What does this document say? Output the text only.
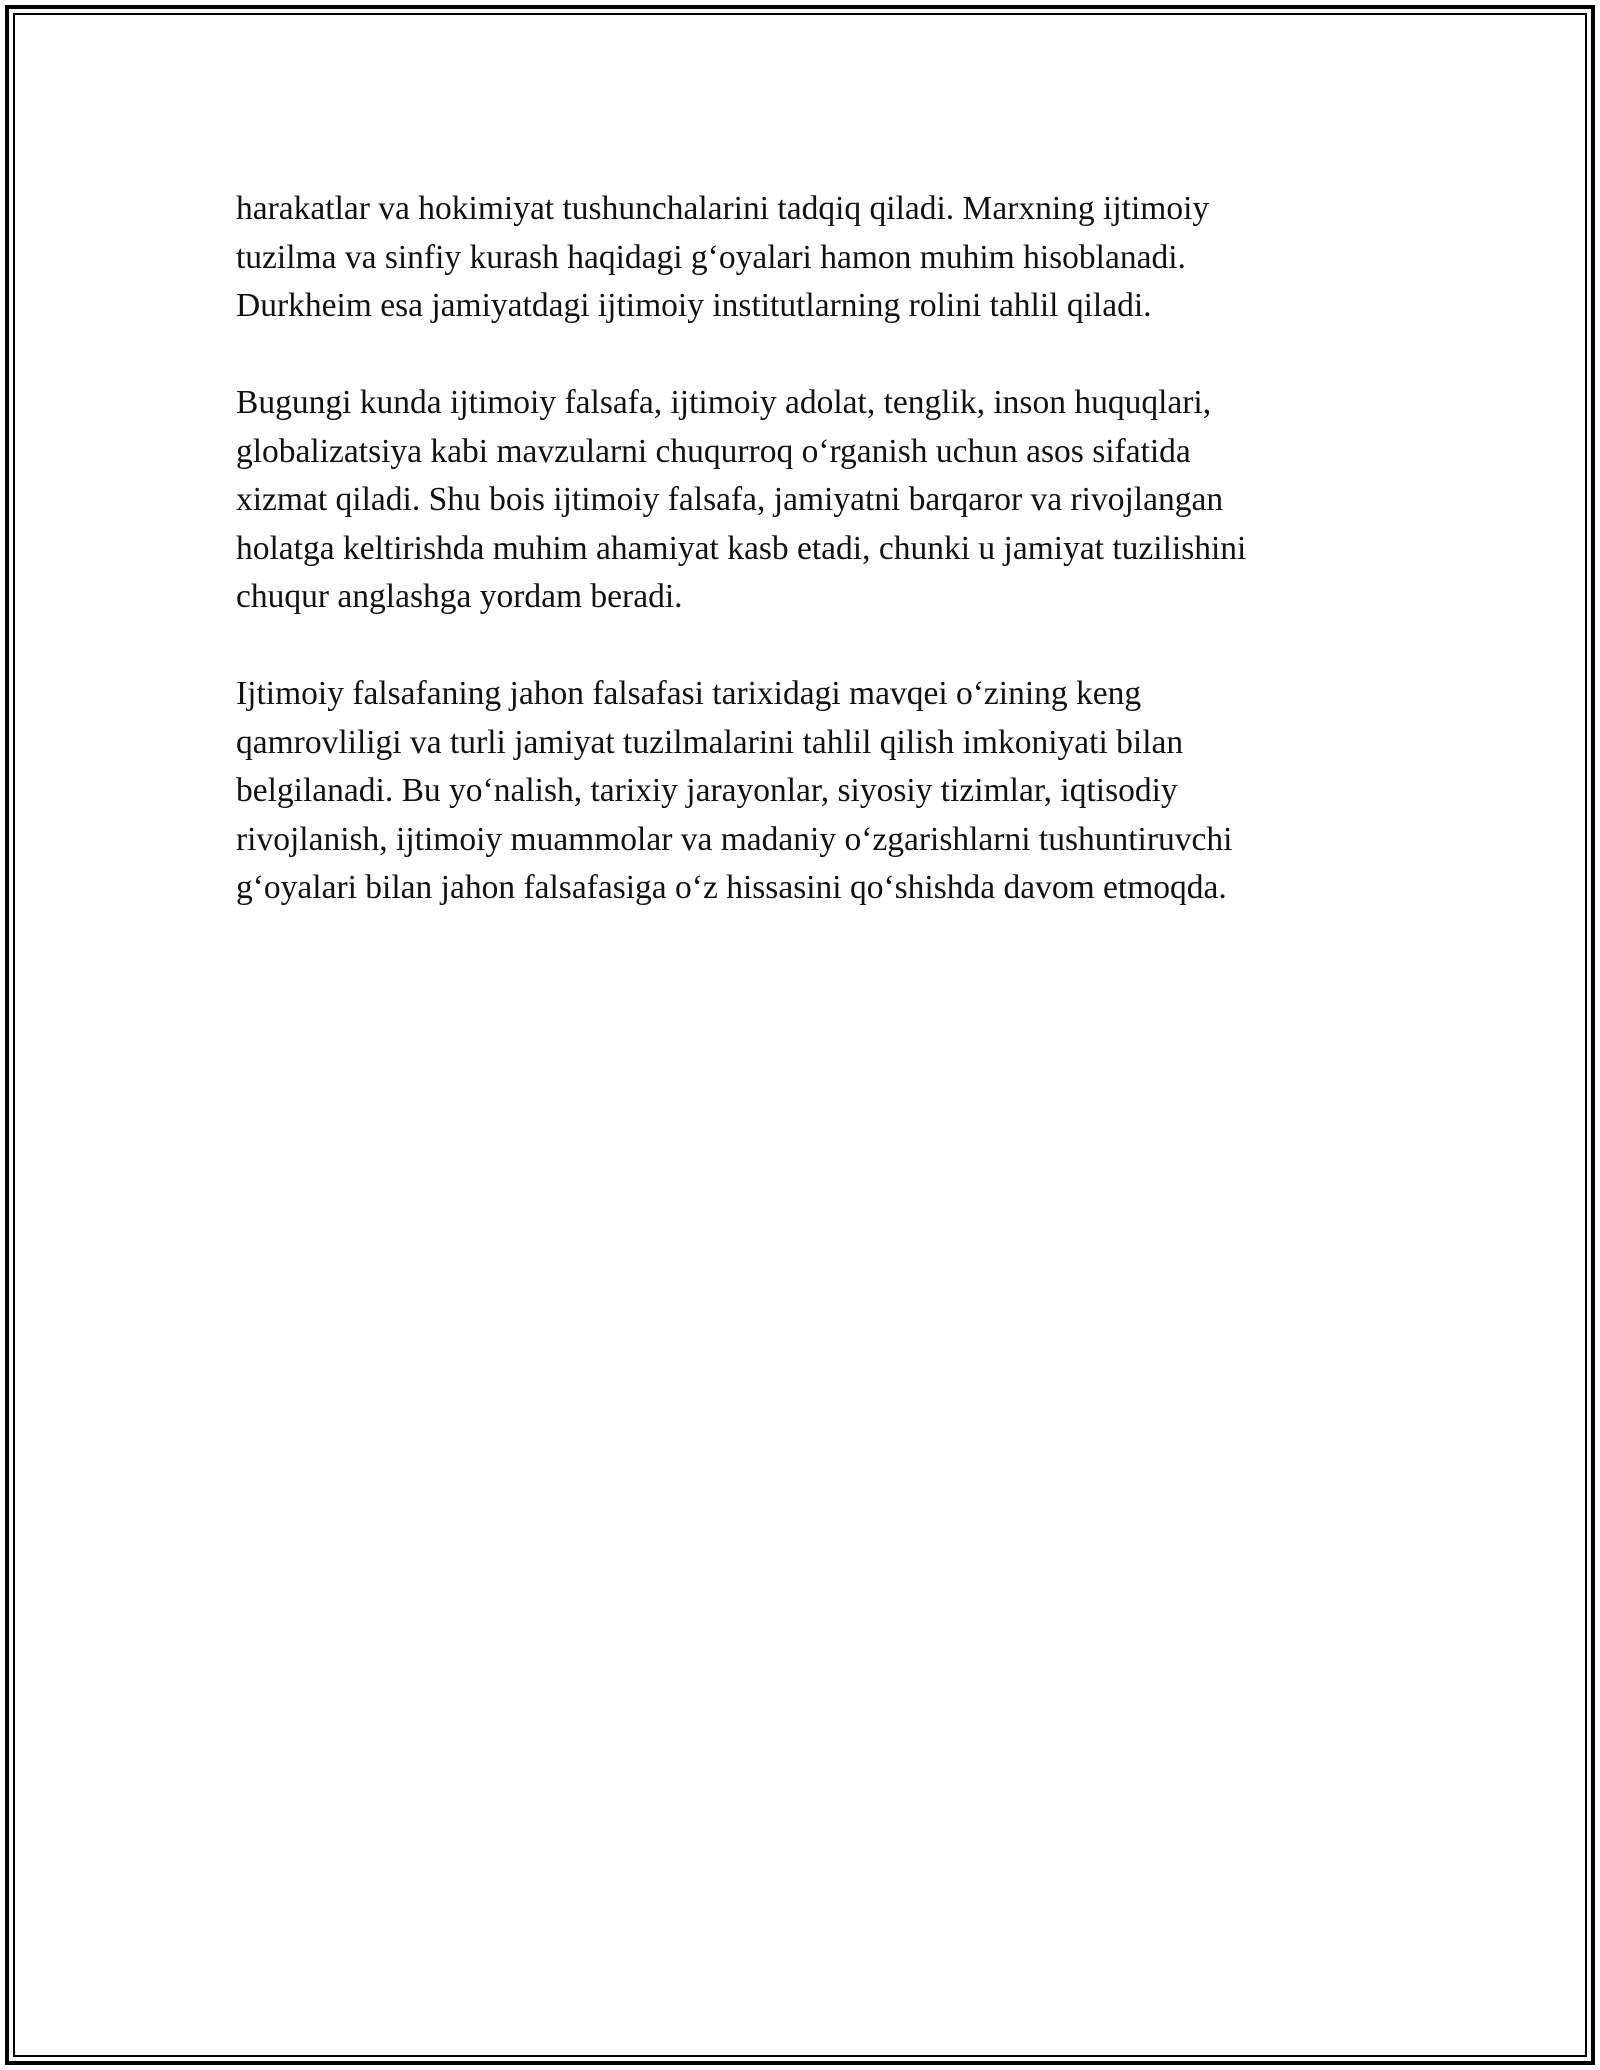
harakatlar va hokimiyat tushunchalarini tadqiq qiladi. Marxning ijtimoiy
tuzilma va sinfiy kurash haqidagi g‘oyalari hamon muhim hisoblanadi.
Durkheim esa jamiyatdagi ijtimoiy institutlarning rolini tahlil qiladi.

Bugungi kunda ijtimoiy falsafa, ijtimoiy adolat, tenglik, inson huquqlari,
globalizatsiya kabi mavzularni chuqurroq o‘rganish uchun asos sifatida
xizmat qiladi. Shu bois ijtimoiy falsafa, jamiyatni barqaror va rivojlangan
holatga keltirishda muhim ahamiyat kasb etadi, chunki u jamiyat tuzilishini
chuqur anglashga yordam beradi.

Ijtimoiy falsafaning jahon falsafasi tarixidagi mavqei o‘zining keng
qamrovliligi va turli jamiyat tuzilmalarini tahlil qilish imkoniyati bilan
belgilanadi. Bu yo‘nalish, tarixiy jarayonlar, siyosiy tizimlar, iqtisodiy
rivojlanish, ijtimoiy muammolar va madaniy o‘zgarishlarni tushuntiruvchi
g‘oyalari bilan jahon falsafasiga o‘z hissasini qo‘shishda davom etmoqda.
